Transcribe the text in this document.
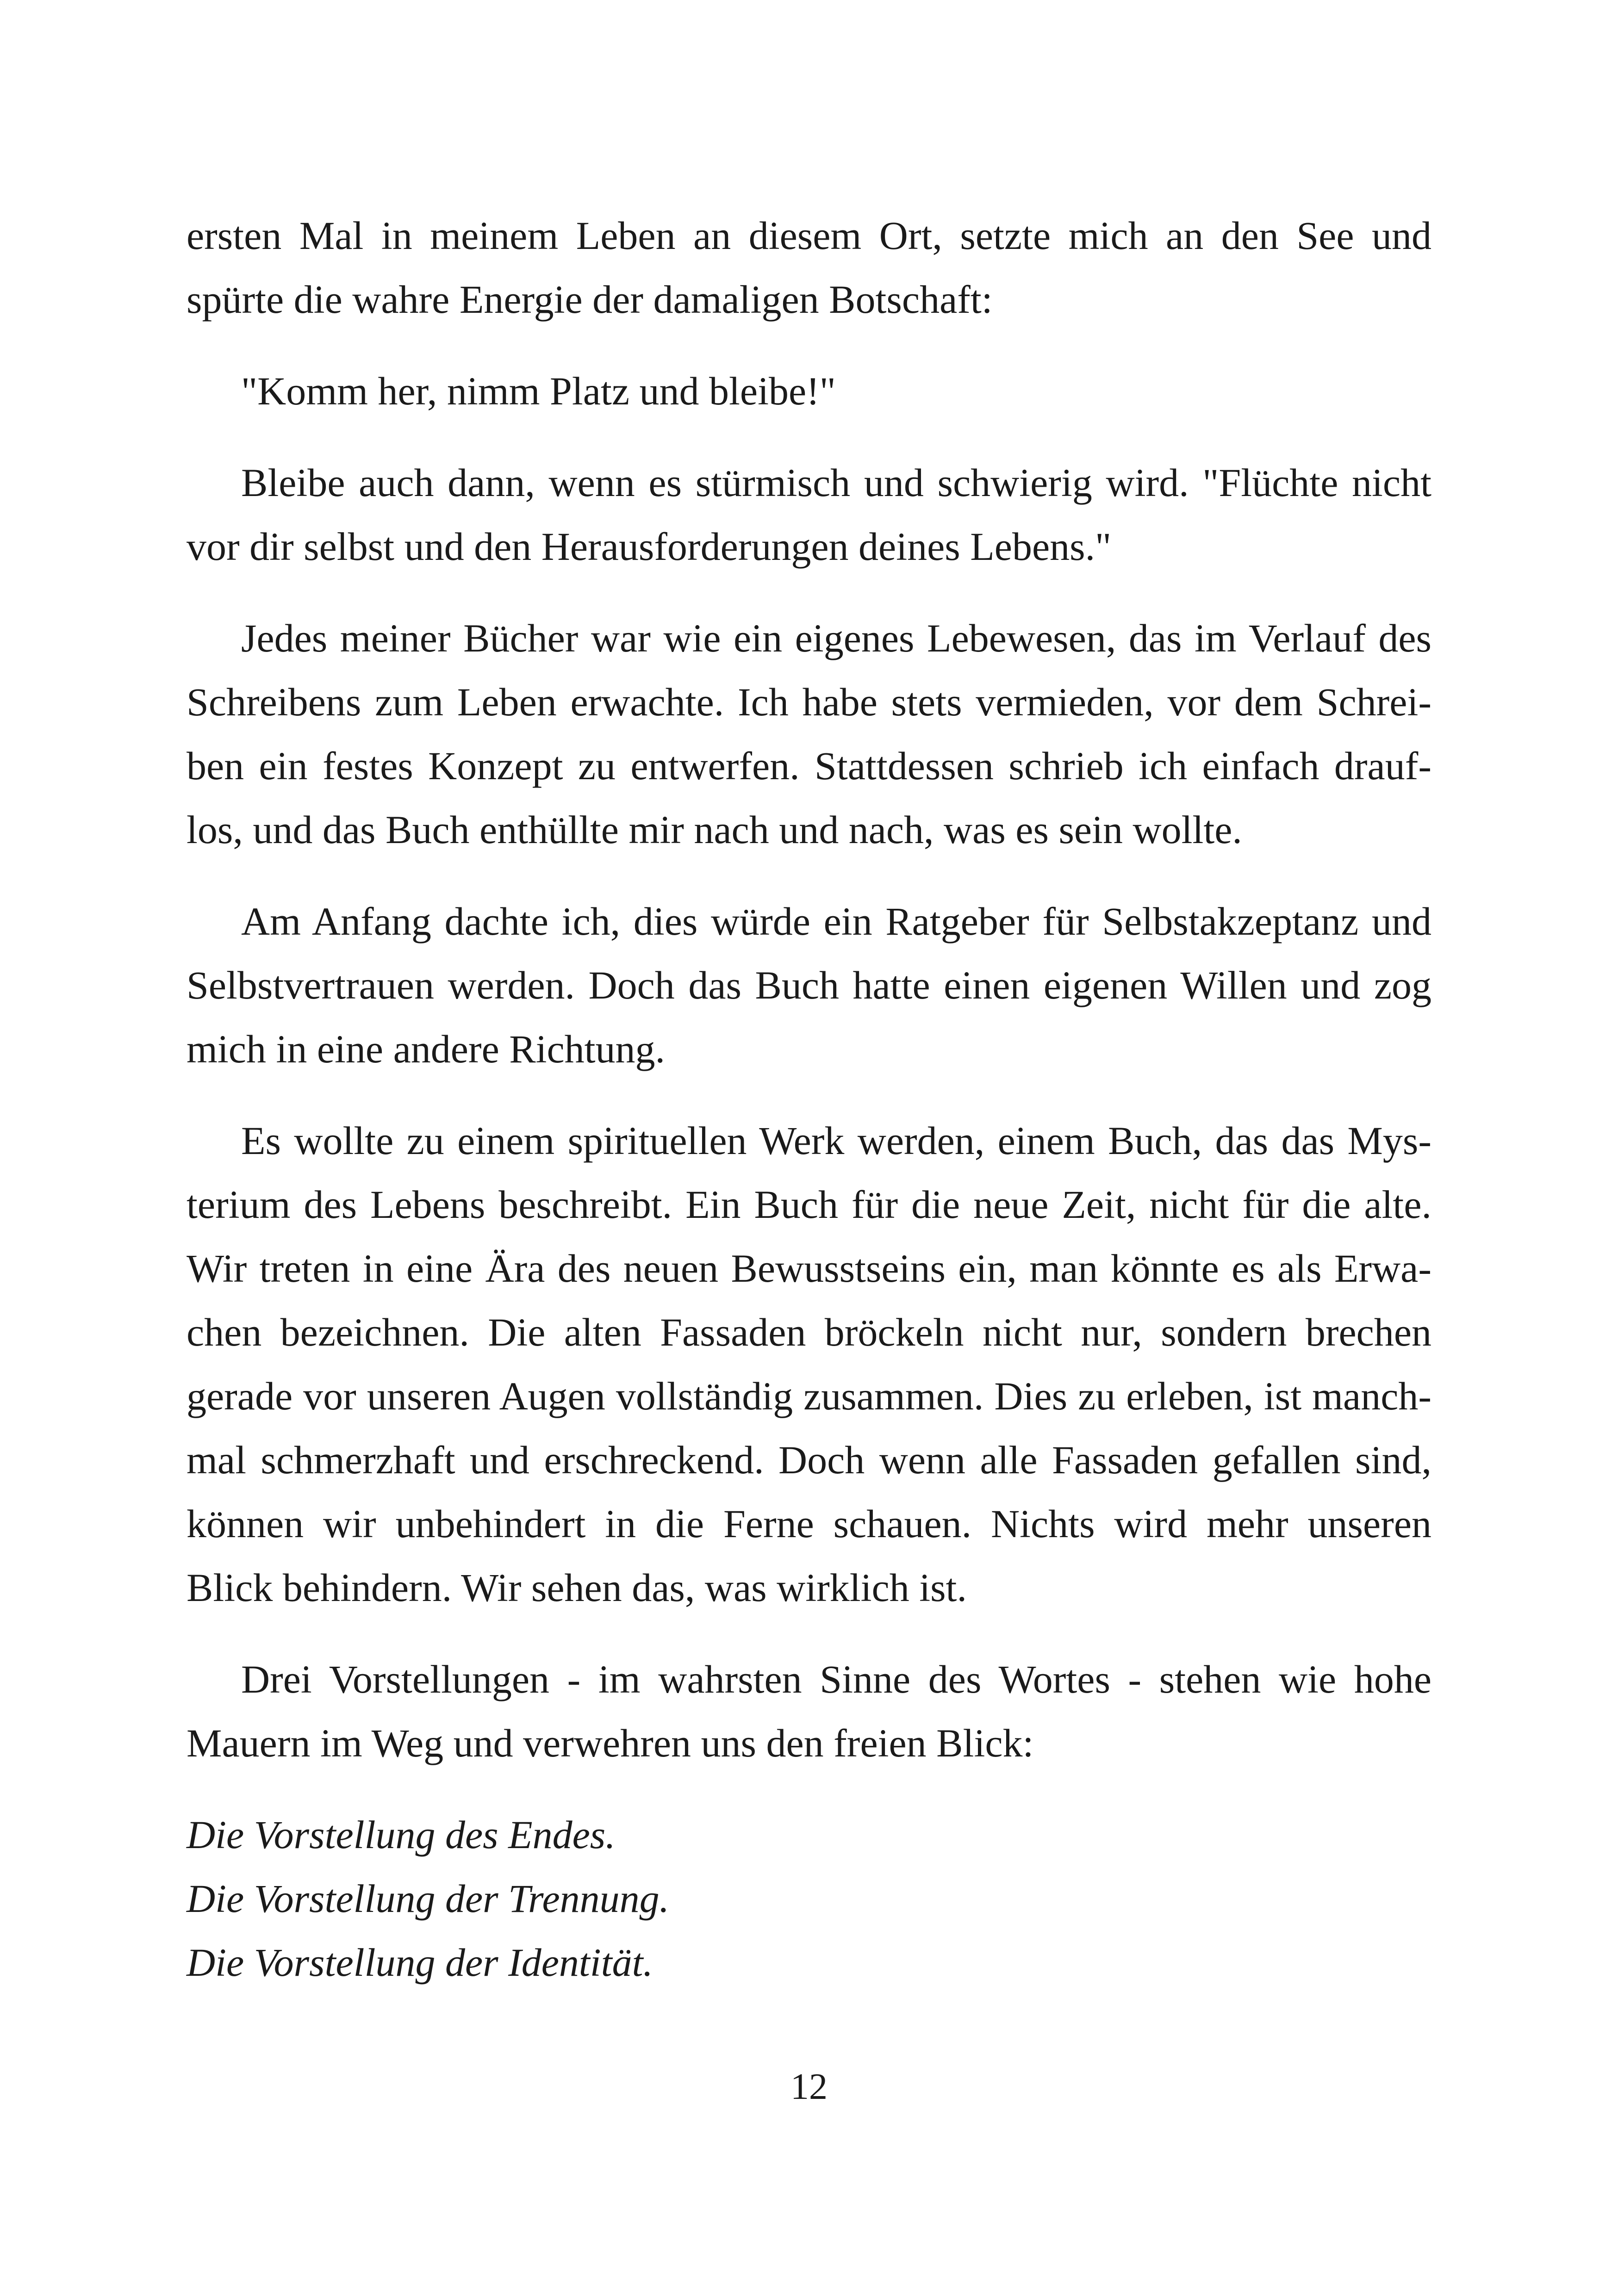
ersten Mal in meinem Leben an diesem Ort, setzte mich an den See und
spürte die wahre Energie der damaligen Botschaft:

"Komm her, nimm Platz und bleibe!"

Bleibe auch dann, wenn es stürmisch und schwierig wird. "Flüchte nicht
vor dir selbst und den Herausforderungen deines Lebens."

Jedes meiner Bücher war wie ein eigenes Lebewesen, das im Verlauf des
Schreibens zum Leben erwachte. Ich habe stets vermieden, vor dem Schrei-
ben ein festes Konzept zu entwerfen. Stattdessen schrieb ich einfach drauf-
los, und das Buch enthüllte mir nach und nach, was es sein wollte.

Am Anfang dachte ich, dies würde ein Ratgeber für Selbstakzeptanz und
Selbstvertrauen werden. Doch das Buch hatte einen eigenen Willen und zog
mich in eine andere Richtung.

Es wollte zu einem spirituellen Werk werden, einem Buch, das das Mys-
terium des Lebens beschreibt. Ein Buch für die neue Zeit, nicht für die alte.
Wir treten in eine Ära des neuen Bewusstseins ein, man könnte es als Erwa-
chen bezeichnen. Die alten Fassaden bröckeln nicht nur, sondern brechen
gerade vor unseren Augen vollständig zusammen. Dies zu erleben, ist manch-
mal schmerzhaft und erschreckend. Doch wenn alle Fassaden gefallen sind,
können wir unbehindert in die Ferne schauen. Nichts wird mehr unseren
Blick behindern. Wir sehen das, was wirklich ist.

Drei Vorstellungen - im wahrsten Sinne des Wortes - stehen wie hohe
Mauern im Weg und verwehren uns den freien Blick:

Die Vorstellung des Endes.
Die Vorstellung der Trennung.
Die Vorstellung der Identität.

12
